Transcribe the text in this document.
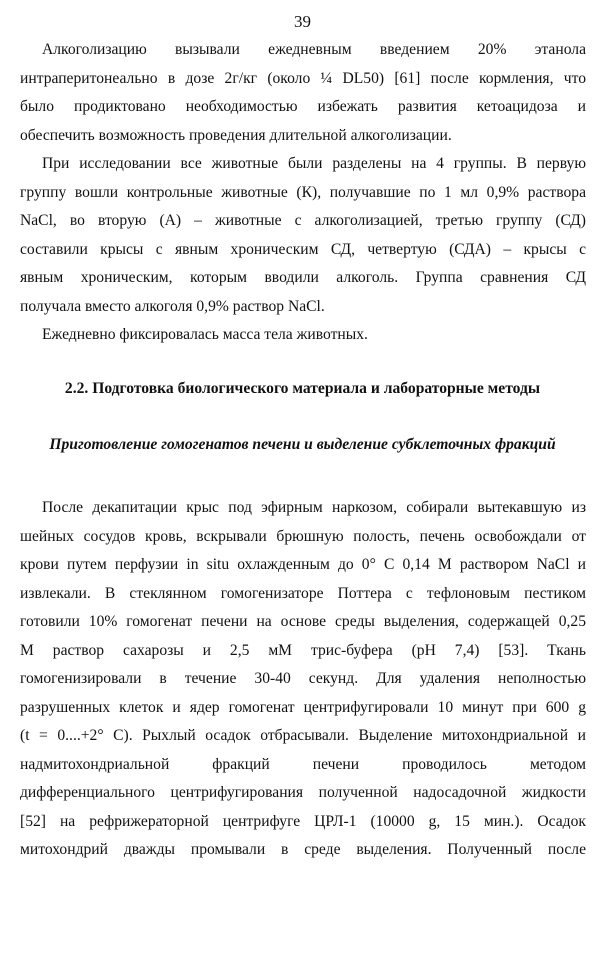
39
Алкоголизацию вызывали ежедневным введением 20% этанола
интраперитонеально в дозе 2г/кг (около ¼ DL50) [61] после кормления, что
было продиктовано необходимостью избежать развития кетоацидоза и
обеспечить возможность проведения длительной алкоголизации.
При исследовании все животные были разделены на 4 группы. В первую
группу вошли контрольные животные (К), получавшие по 1 мл 0,9% раствора
NaCl, во вторую (А) – животные с алкоголизацией, третью группу (СД)
составили крысы с явным хроническим СД, четвертую (СДА) – крысы с
явным хроническим, которым вводили алкоголь. Группа сравнения СД
получала вместо алкоголя 0,9% раствор NaCl.
Ежедневно фиксировалась масса тела животных.
2.2. Подготовка биологического материала и лабораторные методы
Приготовление гомогенатов печени и выделение субклеточных фракций
После декапитации крыс под эфирным наркозом, собирали вытекавшую из
шейных сосудов кровь, вскрывали брюшную полость, печень освобождали от
крови путем перфузии in situ охлажденным до 0° С 0,14 М раствором NaCl и
извлекали. В стеклянном гомогенизаторе Поттера с тефлоновым пестиком
готовили 10% гомогенат печени на основе среды выделения, содержащей 0,25
М раствор сахарозы и 2,5 мМ трис-буфера (рН 7,4) [53]. Ткань
гомогенизировали в течение 30-40 секунд. Для удаления неполностью
разрушенных клеток и ядер гомогенат центрифугировали 10 минут при 600 g
(t = 0....+2° С). Рыхлый осадок отбрасывали. Выделение митохондриальной и
надмитохондриальной фракций печени проводилось методом
дифференциального центрифугирования полученной надосадочной жидкости
[52] на рефрижераторной центрифуге ЦРЛ-1 (10000 g, 15 мин.). Осадок
митохондрий дважды промывали в среде выделения. Полученный после
